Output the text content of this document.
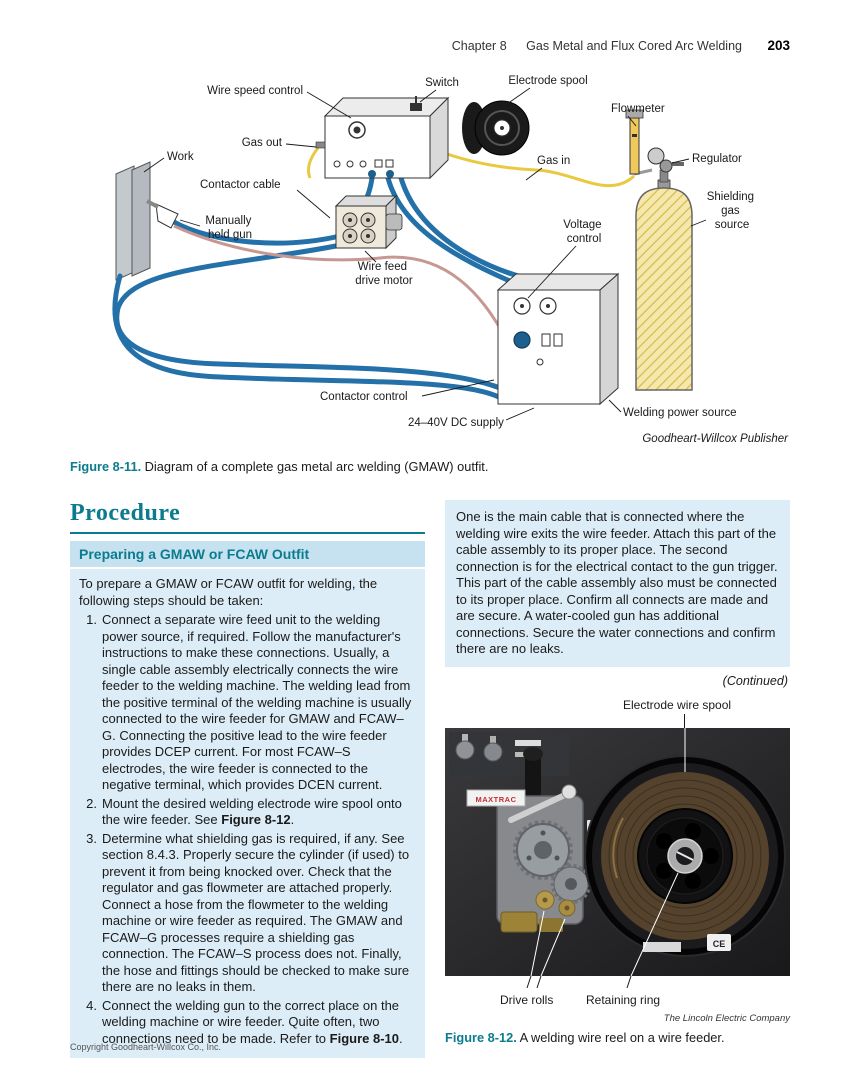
Chapter 8 Gas Metal and Flux Cored Arc Welding 203
Wire speed control
Switch	Electrode spool
Flowmeter
Gas out
Work
Contactor cable
Manually held gun
Gas in	Regulator
Shielding gas source
Voltage control
Wire feed drive motor
Contactor control
24–40V DC supply
Welding power source
Goodheart-Willcox Publisher
Figure 8-11. Diagram of a complete gas metal arc welding (GMAW) outfit.
Procedure
Preparing a GMAW or FCAW Outfit
To prepare a GMAW or FCAW outfit for welding, the following steps should be taken:
1. Connect a separate wire feed unit to the welding power source, if required. Follow the manufacturer's instructions to make these connections. Usually, a single cable assembly electrically connects the wire feeder to the welding machine. The welding lead from the positive terminal of the welding machine is usually connected to the wire feeder for GMAW and FCAW–G. Connecting the positive lead to the wire feeder provides DCEP current. For most FCAW–S electrodes, the wire feeder is connected to the negative terminal, which provides DCEN current.
2. Mount the desired welding electrode wire spool onto the wire feeder. See Figure 8-12.
3. Determine what shielding gas is required, if any. See section 8.4.3. Properly secure the cylinder (if used) to prevent it from being knocked over. Check that the regulator and gas flowmeter are attached properly. Connect a hose from the flowmeter to the welding machine or wire feeder as required. The GMAW and FCAW–G processes require a shielding gas connection. The FCAW–S process does not. Finally, the hose and fittings should be checked to make sure there are no leaks in them.
4. Connect the welding gun to the correct place on the welding machine or wire feeder. Quite often, two connections need to be made. Refer to Figure 8-10.
One is the main cable that is connected where the welding wire exits the wire feeder. Attach this part of the cable assembly to its proper place. The second connection is for the electrical contact to the gun trigger. This part of the cable assembly also must be connected to its proper place. Confirm all connects are made and are secure. A water-cooled gun has additional connections. Secure the water connections and confirm there are no leaks.
(Continued)
Electrode wire spool
MAXTRAC
CE
Drive rolls	Retaining ring
The Lincoln Electric Company
Figure 8-12. A welding wire reel on a wire feeder.
Copyright Goodheart-Willcox Co., Inc.
